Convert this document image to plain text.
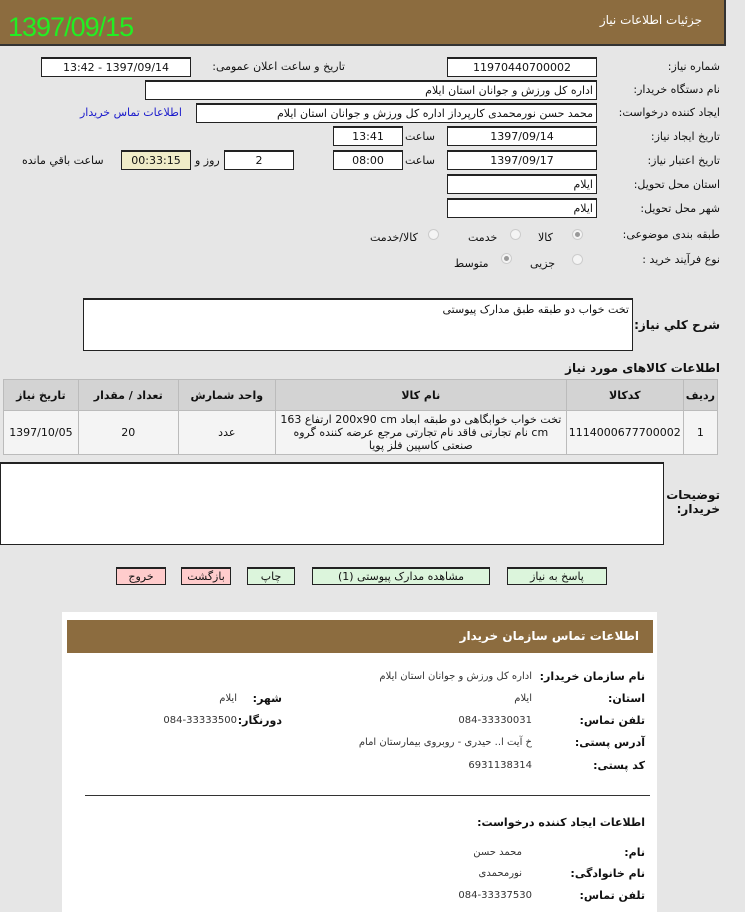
جزئیات اطلاعات نیاز
1397/09/15
شماره نیاز:
11970440700002
تاریخ و ساعت اعلان عمومی:
1397/09/14 - 13:42
نام دستگاه خریدار:
اداره کل ورزش و جوانان استان ایلام
ایجاد کننده درخواست:
محمد حسن نورمحمدی کارپرداز اداره کل ورزش و جوانان استان ایلام
اطلاعات تماس خریدار
تاریخ ایجاد نیاز:
1397/09/14
ساعت
13:41
تاریخ اعتبار نیاز:
1397/09/17
ساعت
08:00
2
روز و
00:33:15
ساعت باقي مانده
استان محل تحویل:
ایلام
شهر محل تحویل:
ایلام
طبقه بندی موضوعی:
کالا
خدمت
کالا/خدمت
نوع فرآیند خرید :
جزیی
متوسط
شرح كلي نیاز:
تخت خواب دو طبقه طبق مدارک پیوستی
اطلاعات کالاهای مورد نیاز
ردیف	کدکالا	نام کالا	واحد شمارش	تعداد / مقدار	تاریخ نیاز
1	1114000677700002	تخت خواب خوابگاهی دو طبقه ابعاد 200x90 cm ارتفاع 163 cm نام تجارتی فاقد نام تجارتی مرجع عرضه کننده گروه صنعتی کاسپین فلز پویا	عدد	20	1397/10/05
توضیحات خریدار:
پاسخ به نیاز
مشاهده مدارک پیوستی (1)
چاپ
بازگشت
خروج
اطلاعات تماس سازمان خریدار
نام سازمان خریدار:
اداره کل ورزش و جوانان استان ایلام
استان:
ایلام
شهر:
ایلام
تلفن تماس:
084-33330031
دورنگار:
084-33333500
آدرس پستی:
خ آیت ا.. حیدری - روبروی بیمارستان امام
کد پستی:
6931138314
اطلاعات ایجاد کننده درخواست:
نام:
محمد حسن
نام خانوادگی:
نورمحمدی
تلفن تماس:
084-33337530
